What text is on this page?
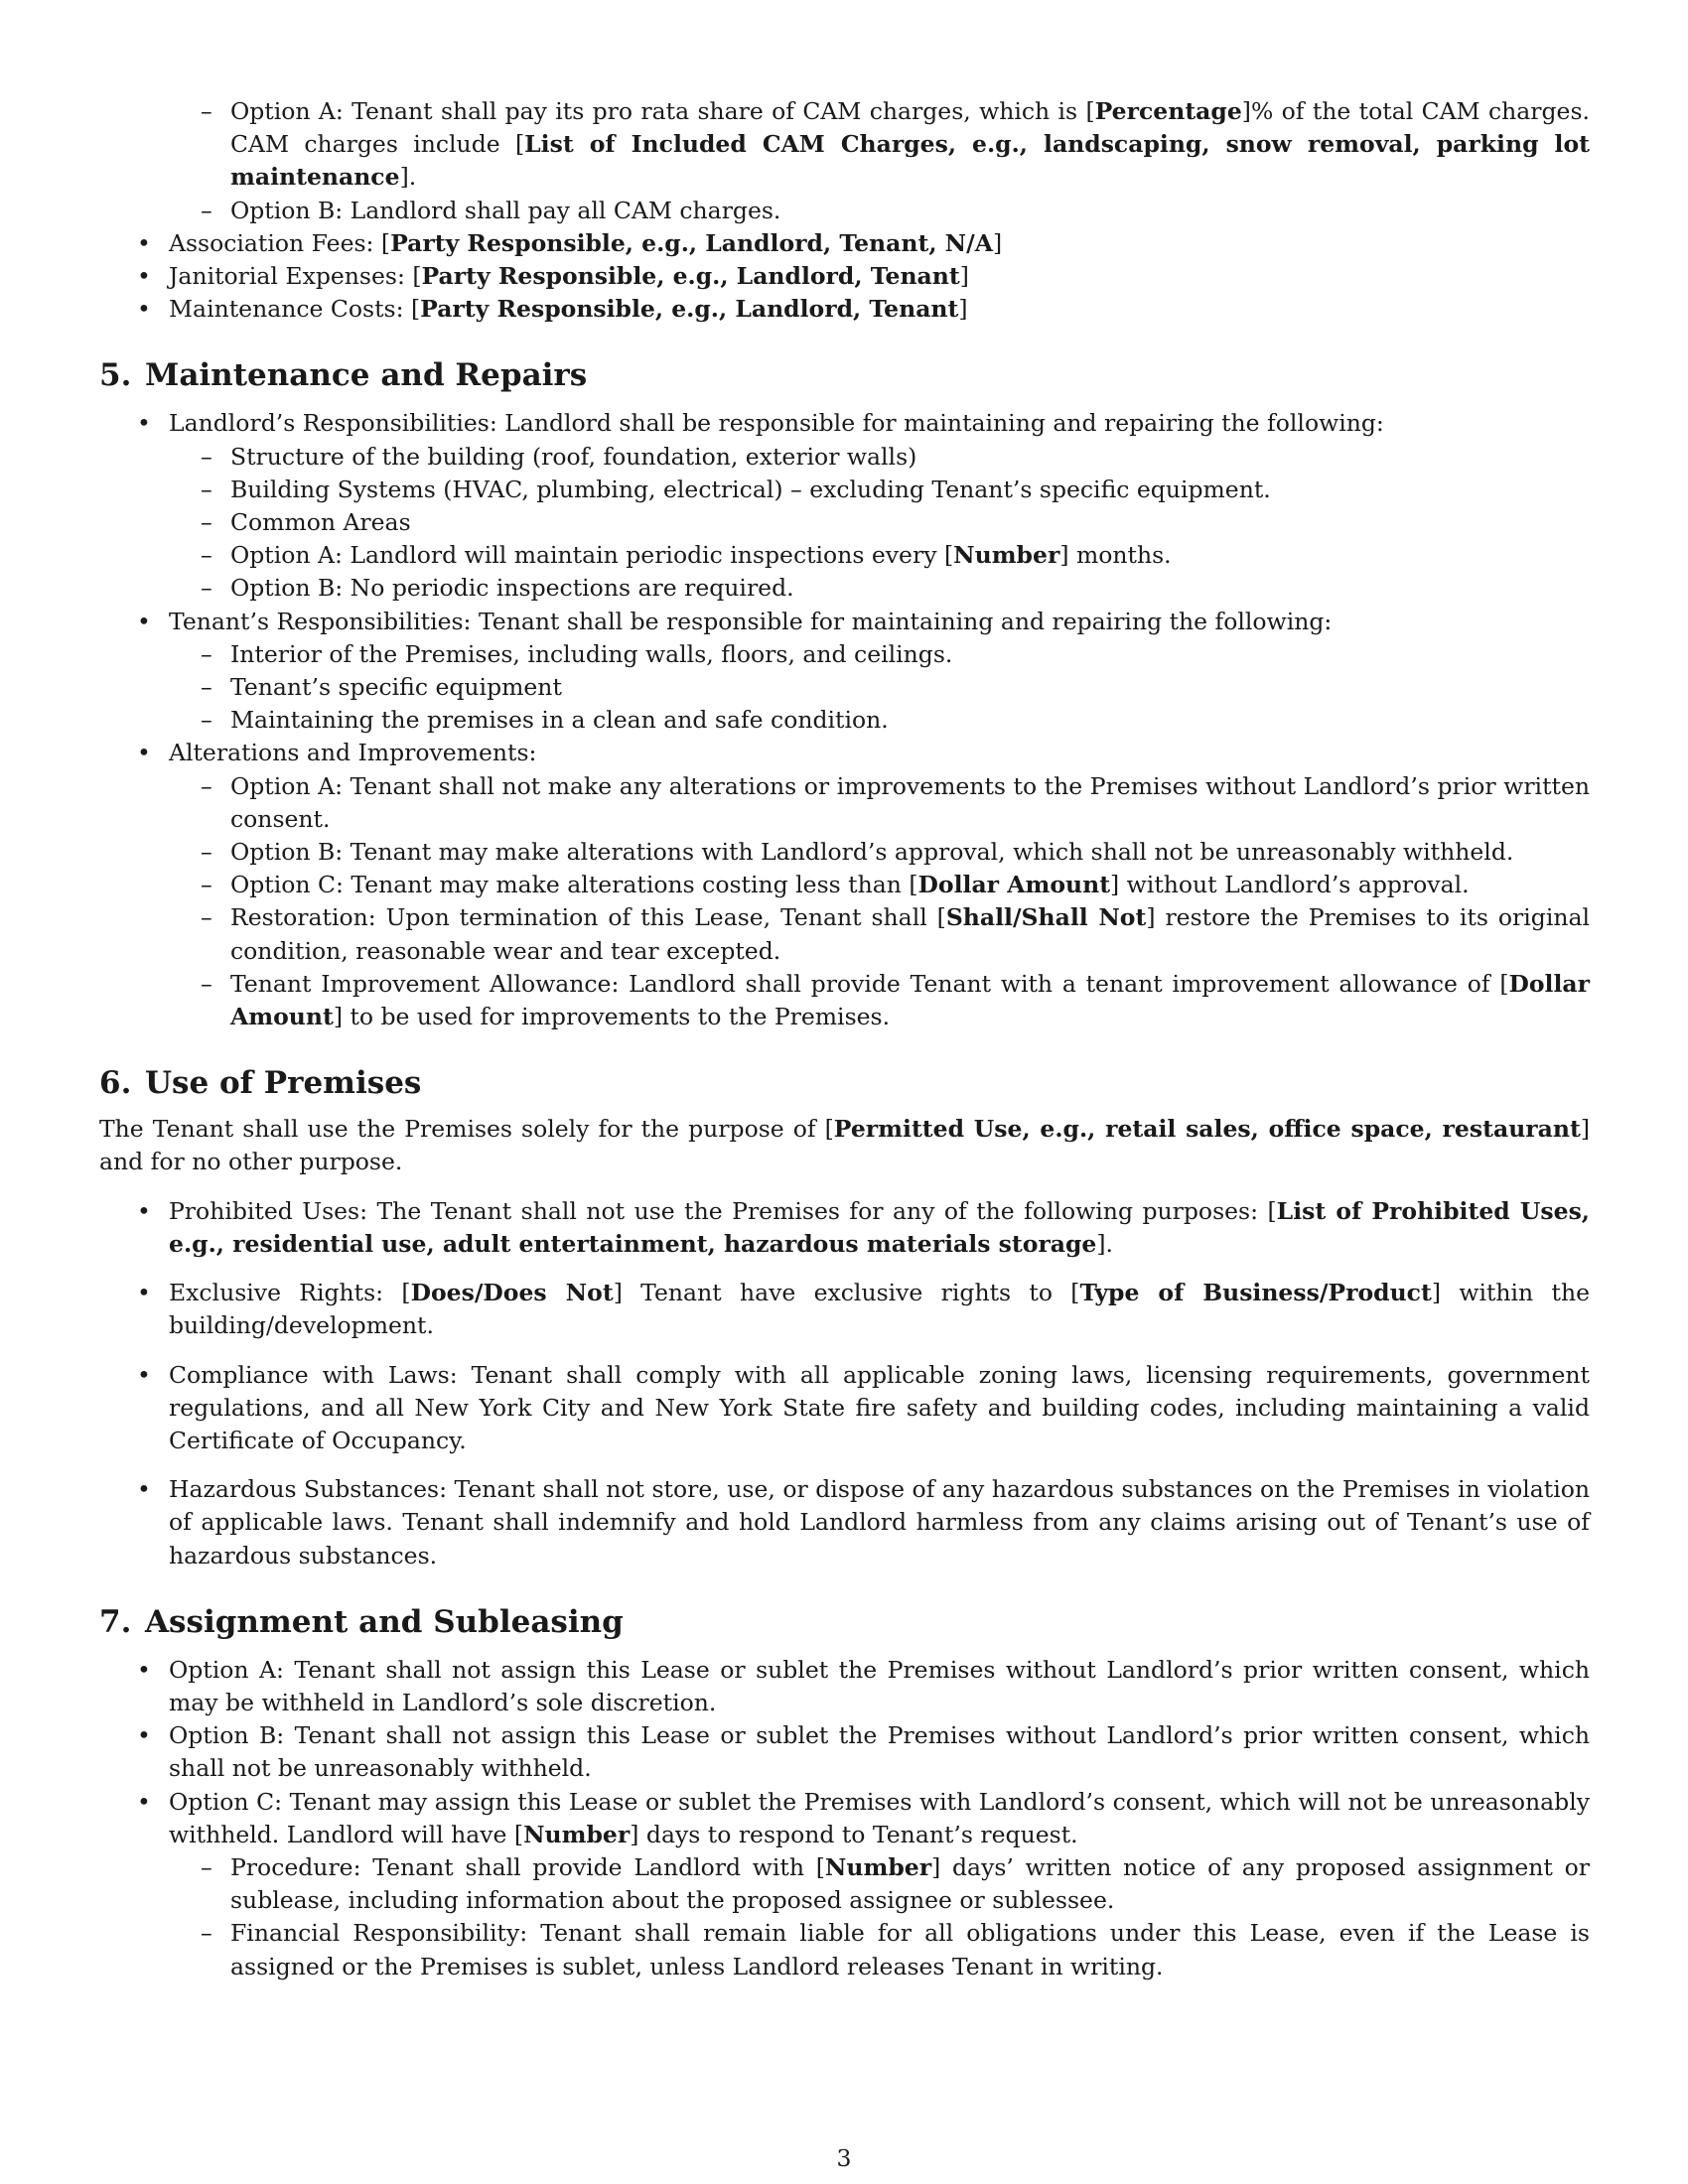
– Option A: Tenant shall pay its pro rata share of CAM charges, which is [Percentage]% of the total CAM charges. CAM charges include [List of Included CAM Charges, e.g., landscaping, snow removal, parking lot maintenance].
– Option B: Landlord shall pay all CAM charges.
• Association Fees: [Party Responsible, e.g., Landlord, Tenant, N/A]
• Janitorial Expenses: [Party Responsible, e.g., Landlord, Tenant]
• Maintenance Costs: [Party Responsible, e.g., Landlord, Tenant]
5. Maintenance and Repairs
• Landlord’s Responsibilities: Landlord shall be responsible for maintaining and repairing the following:
– Structure of the building (roof, foundation, exterior walls)
– Building Systems (HVAC, plumbing, electrical) – excluding Tenant’s specific equipment.
– Common Areas
– Option A: Landlord will maintain periodic inspections every [Number] months.
– Option B: No periodic inspections are required.
• Tenant’s Responsibilities: Tenant shall be responsible for maintaining and repairing the following:
– Interior of the Premises, including walls, floors, and ceilings.
– Tenant’s specific equipment
– Maintaining the premises in a clean and safe condition.
• Alterations and Improvements:
– Option A: Tenant shall not make any alterations or improvements to the Premises without Landlord’s prior written consent.
– Option B: Tenant may make alterations with Landlord’s approval, which shall not be unreasonably withheld.
– Option C: Tenant may make alterations costing less than [Dollar Amount] without Landlord’s approval.
– Restoration: Upon termination of this Lease, Tenant shall [Shall/Shall Not] restore the Premises to its original condition, reasonable wear and tear excepted.
– Tenant Improvement Allowance: Landlord shall provide Tenant with a tenant improvement allowance of [Dollar Amount] to be used for improvements to the Premises.
6. Use of Premises

The Tenant shall use the Premises solely for the purpose of [Permitted Use, e.g., retail sales, office space, restaurant] and for no other purpose.

• Prohibited Uses: The Tenant shall not use the Premises for any of the following purposes: [List of Prohibited Uses, e.g., residential use, adult entertainment, hazardous materials storage].
• Exclusive Rights: [Does/Does Not] Tenant have exclusive rights to [Type of Business/Product] within the building/development.
• Compliance with Laws: Tenant shall comply with all applicable zoning laws, licensing requirements, government regulations, and all New York City and New York State fire safety and building codes, including maintaining a valid Certificate of Occupancy.
• Hazardous Substances: Tenant shall not store, use, or dispose of any hazardous substances on the Premises in violation of applicable laws. Tenant shall indemnify and hold Landlord harmless from any claims arising out of Tenant’s use of hazardous substances.
7. Assignment and Subleasing
• Option A: Tenant shall not assign this Lease or sublet the Premises without Landlord’s prior written consent, which may be withheld in Landlord’s sole discretion.
• Option B: Tenant shall not assign this Lease or sublet the Premises without Landlord’s prior written consent, which shall not be unreasonably withheld.
• Option C: Tenant may assign this Lease or sublet the Premises with Landlord’s consent, which will not be unreasonably withheld. Landlord will have [Number] days to respond to Tenant’s request.
– Procedure: Tenant shall provide Landlord with [Number] days’ written notice of any proposed assignment or sublease, including information about the proposed assignee or sublessee.
– Financial Responsibility: Tenant shall remain liable for all obligations under this Lease, even if the Lease is assigned or the Premises is sublet, unless Landlord releases Tenant in writing.
3
